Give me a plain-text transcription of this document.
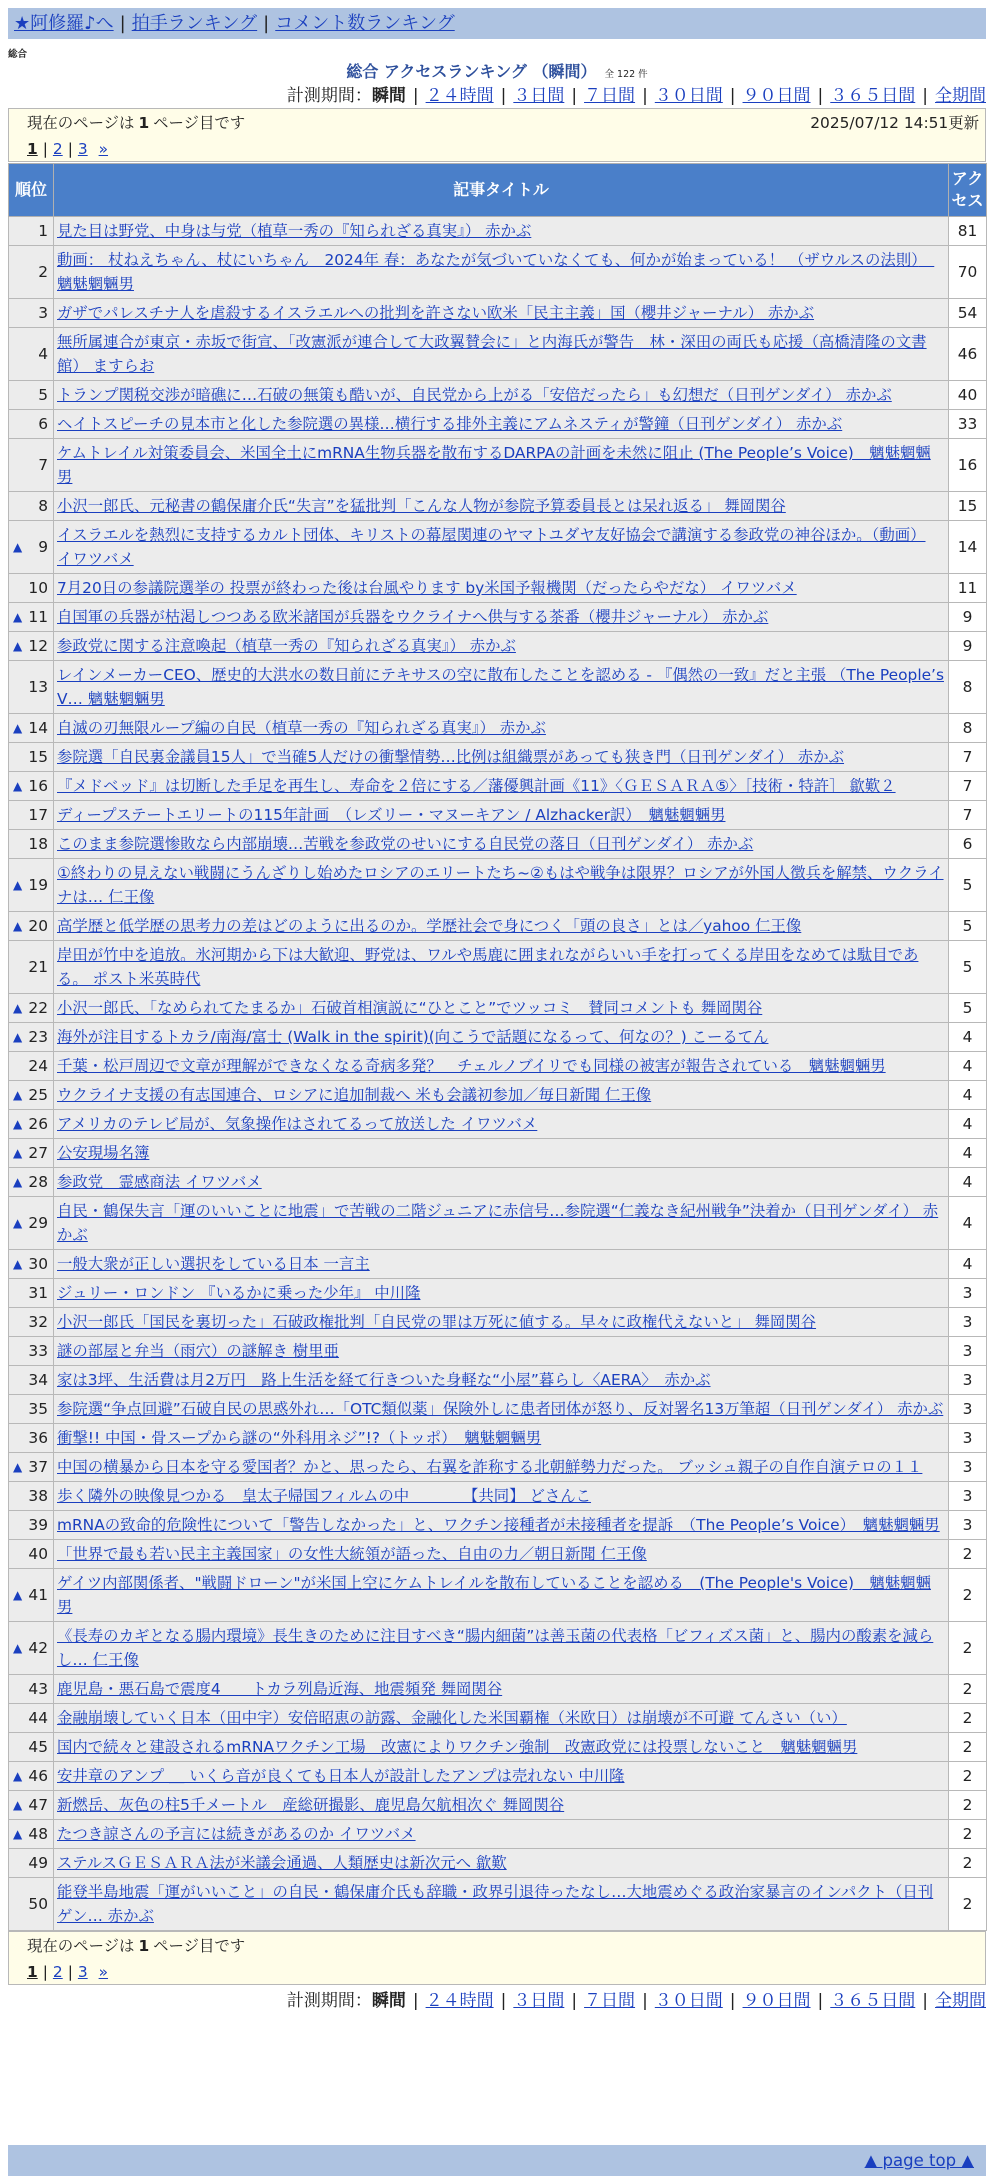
★阿修羅♪へ | 拍手ランキング | コメント数ランキング
総合
総合 アクセスランキング （瞬間） 全 122 件
計測期間：瞬間 | ２４時間 | ３日間 | ７日間 | ３０日間 | ９０日間 | ３６５日間 | 全期間
現在のページは 1 ページ目です	2025/07/12 14:51更新
1 | 2 | 3 »
順位	記事タイトル	アクセス
1	見た目は野党、中身は与党（植草一秀の『知られざる真実』） 赤かぶ	81
2	動画： 杖ねえちゃん、杖にいちゃん　2024年 春：あなたが気づいていなくても、何かが始まっている！ （ザウルスの法則）　魑魅魍魎男	70
3	ガザでパレスチナ人を虐殺するイスラエルへの批判を許さない欧米「民主主義」国（櫻井ジャーナル） 赤かぶ	54
4	無所属連合が東京・赤坂で街宣、「改憲派が連合して大政翼賛会に」と内海氏が警告　林・深田の両氏も応援（高橋清隆の文書館） ますらお	46
5	トランプ関税交渉が暗礁に…石破の無策も酷いが、自民党から上がる「安倍だったら」も幻想だ（日刊ゲンダイ） 赤かぶ	40
6	ヘイトスピーチの見本市と化した参院選の異様…横行する排外主義にアムネスティが警鐘（日刊ゲンダイ） 赤かぶ	33
7	ケムトレイル対策委員会、米国全土にmRNA生物兵器を散布するDARPAの計画を未然に阻止 (The People’s Voice)　魑魅魍魎男	16
8	小沢一郎氏、元秘書の鶴保庸介氏“失言”を猛批判「こんな人物が参院予算委員長とは呆れ返る」 舞岡関谷	15

▲ 9	イスラエルを熱烈に支持するカルト団体、キリストの幕屋関連のヤマトユダヤ友好協会で講演する参政党の神谷ほか。（動画） イワツバメ	14
10	7月20日の参議院選挙の 投票が終わった後は台風やります by米国予報機関（だったらやだな） イワツバメ	11

▲ 11	自国軍の兵器が枯渇しつつある欧米諸国が兵器をウクライナへ供与する茶番（櫻井ジャーナル） 赤かぶ	9

▲ 12	参政党に関する注意喚起（植草一秀の『知られざる真実』） 赤かぶ	9
13	レインメーカーCEO、歴史的大洪水の数日前にテキサスの空に散布したことを認める - 『偶然の一致』だと主張 （The People’s V… 魑魅魍魎男	8

▲ 14	自滅の刃無限ループ編の自民（植草一秀の『知られざる真実』） 赤かぶ	8
15	参院選「自民裏金議員15人」で当確5人だけの衝撃情勢…比例は組織票があっても狭き門（日刊ゲンダイ） 赤かぶ	7

▲ 16	『メドベッド』は切断した手足を再生し、寿命を２倍にする／藩優興計画《11》〈ＧＥＳＡＲＡ⑤〉［技術・特許］ 歙歎２	7
17	ディープステートエリートの115年計画　（レズリー・マヌーキアン / Alzhacker訳）　魑魅魍魎男	7
18	このまま参院選惨敗なら内部崩壊…苦戦を参政党のせいにする自民党の落日（日刊ゲンダイ） 赤かぶ	6

▲ 19	①終わりの見えない戦闘にうんざりし始めたロシアのエリートたち~②もはや戦争は限界？ロシアが外国人徴兵を解禁、ウクライナは… 仁王像	5

▲ 20	高学歴と低学歴の思考力の差はどのように出るのか。学歴社会で身につく「頭の良さ」とは／yahoo 仁王像	5
21	岸田が竹中を追放。氷河期から下は大歓迎、野党は、ワルや馬鹿に囲まれながらいい手を打ってくる岸田をなめては駄目である。 ポスト米英時代	5

▲ 22	小沢一郎氏、「なめられてたまるか」石破首相演説に“ひとこと”でツッコミ　賛同コメントも 舞岡関谷	5

▲ 23	海外が注目するトカラ/南海/富士 (Walk in the spirit)(向こうで話題になるって、何なの？) こーるてん	4
24	千葉・松戸周辺で文章が理解ができなくなる奇病多発？　チェルノブイリでも同様の被害が報告されている　魑魅魍魎男	4

▲ 25	ウクライナ支援の有志国連合、ロシアに追加制裁へ 米も会議初参加／毎日新聞 仁王像	4

▲ 26	アメリカのテレビ局が、気象操作はされてるって放送した イワツバメ	4

▲ 27	公安現場名簿	4

▲ 28	参政党　霊感商法 イワツバメ	4

▲ 29	自民・鶴保失言「運のいいことに地震」で苦戦の二階ジュニアに赤信号…参院選“仁義なき紀州戦争”決着か（日刊ゲンダイ） 赤かぶ	4

▲ 30	一般大衆が正しい選択をしている日本 一言主	4
31	ジュリー・ロンドン 『いるかに乗った少年』 中川隆	3
32	小沢一郎氏「国民を裏切った」石破政権批判「自民党の罪は万死に値する。早々に政権代えないと」 舞岡関谷	3
33	謎の部屋と弁当（雨穴）の謎解き 樹里亜	3
34	家は3坪、生活費は月2万円　路上生活を経て行きついた身軽な“小屋”暮らし〈AERA〉　赤かぶ	3
35	参院選“争点回避”石破自民の思惑外れ…「OTC類似薬」保険外しに患者団体が怒り、反対署名13万筆超（日刊ゲンダイ） 赤かぶ	3
36	衝撃!! 中国・骨スープから謎の“外科用ネジ”!?（トッポ）　魑魅魍魎男	3

▲ 37	中国の横暴から日本を守る愛国者？かと、思ったら、右翼を詐称する北朝鮮勢力だった。 ブッシュ親子の自作自演テロの１１	3
38	歩く隣外の映像見つかる　皇太子帰国フィルムの中　　　　【共同】 どさんこ	3
39	mRNAの致命的危険性について「警告しなかった」と、ワクチン接種者が未接種者を提訴　（The People’s Voice）　魑魅魍魎男	3
40	「世界で最も若い民主主義国家」の女性大統領が語った、自由の力／朝日新聞 仁王像	2

▲ 41	ゲイツ内部関係者、"戦闘ドローン"が米国上空にケムトレイルを散布していることを認める　(The People's Voice)　魑魅魍魎男	2

▲ 42	《長寿のカギとなる腸内環境》長生きのために注目すべき“腸内細菌”は善玉菌の代表格「ビフィズス菌」と、腸内の酸素を減らし… 仁王像	2
43	鹿児島・悪石島で震度4　　トカラ列島近海、地震頻発 舞岡関谷	2
44	金融崩壊していく日本（田中宇）安倍昭恵の訪露、金融化した米国覇権（米欧日）は崩壊が不可避 てんさい（い）	2
45	国内で続々と建設されるmRNAワクチン工場　改憲によりワクチン強制　改憲政党には投票しないこと　魑魅魍魎男	2

▲ 46	安井章のアンプ ＿ いくら音が良くても日本人が設計したアンプは売れない 中川隆	2

▲ 47	新燃岳、灰色の柱5千メートル　産総研撮影、鹿児島欠航相次ぐ 舞岡関谷	2

▲ 48	たつき諒さんの予言には続きがあるのか イワツバメ	2
49	ステルスＧＥＳＡＲＡ法が米議会通過、人類歴史は新次元へ 歙歎	2
50	能登半島地震「運がいいこと」の自民・鶴保庸介氏も辞職・政界引退待ったなし…大地震めぐる政治家暴言のインパクト（日刊ゲン… 赤かぶ	2
現在のページは 1 ページ目です
1 | 2 | 3 »
計測期間：瞬間 | ２４時間 | ３日間 | ７日間 | ３０日間 | ９０日間 | ３６５日間 | 全期間
▲ page top ▲
